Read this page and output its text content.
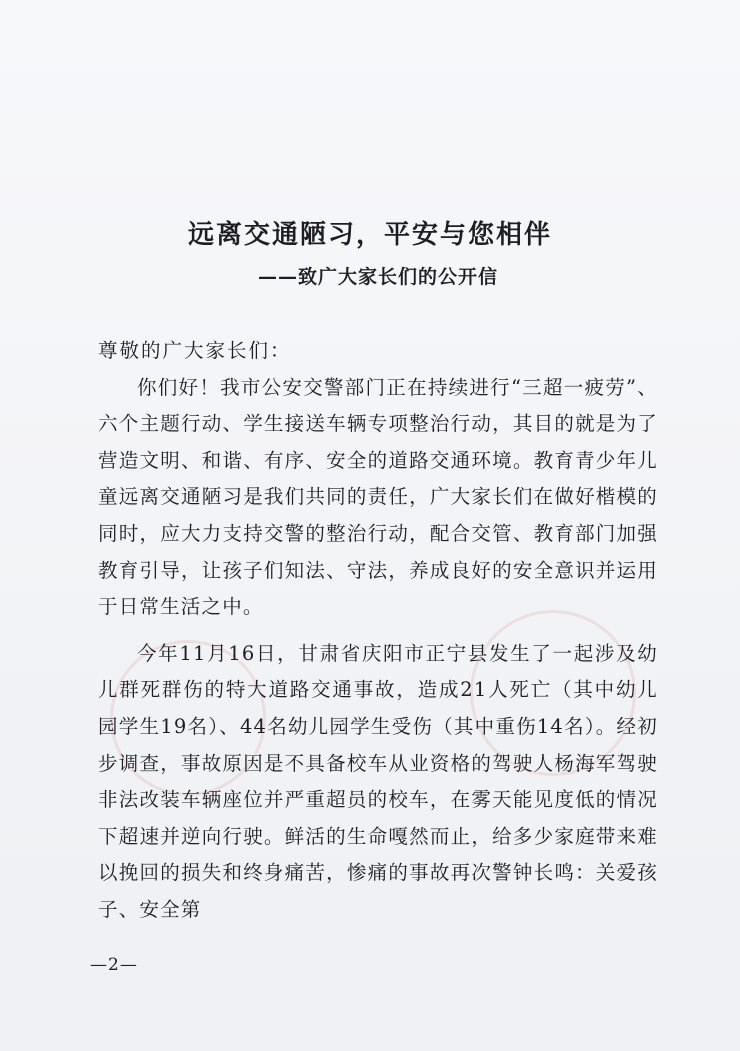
远离交通陋习，平安与您相伴
——致广大家长们的公开信

尊敬的广大家长们：

你们好！我市公安交警部门正在持续进行“三超一疲劳”、六个主题行动、学生接送车辆专项整治行动，其目的就是为了营造文明、和谐、有序、安全的道路交通环境。教育青少年儿童远离交通陋习是我们共同的责任，广大家长们在做好楷模的同时，应大力支持交警的整治行动，配合交管、教育部门加强教育引导，让孩子们知法、守法，养成良好的安全意识并运用于日常生活之中。

今年11月16日，甘肃省庆阳市正宁县发生了一起涉及幼儿群死群伤的特大道路交通事故，造成21人死亡（其中幼儿园学生19名）、44名幼儿园学生受伤（其中重伤14名）。经初步调查，事故原因是不具备校车从业资格的驾驶人杨海军驾驶非法改装车辆座位并严重超员的校车，在雾天能见度低的情况下超速并逆向行驶。鲜活的生命嘎然而止，给多少家庭带来难以挽回的损失和终身痛苦，惨痛的事故再次警钟长鸣：关爱孩子、安全第

—2—
